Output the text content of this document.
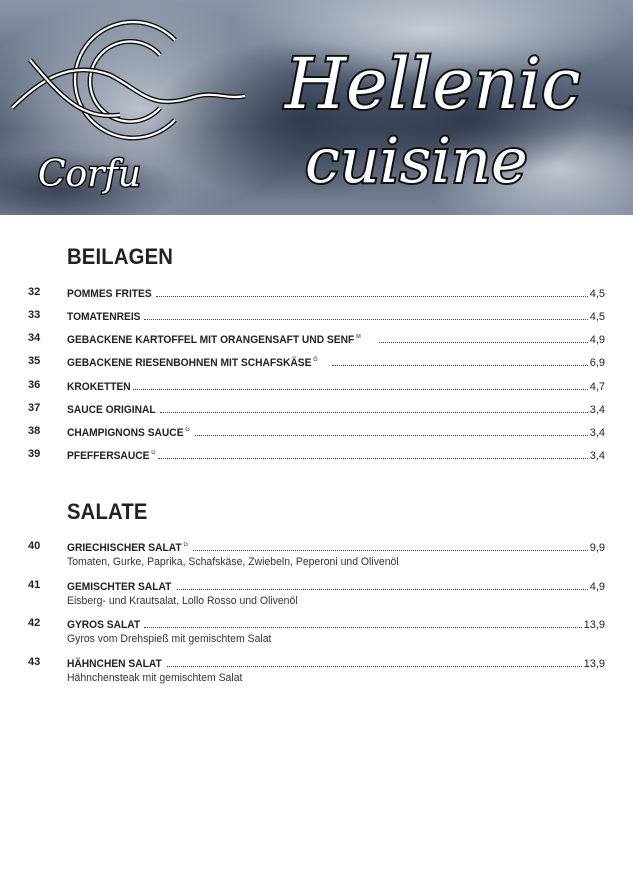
Corfu
Hellenic
cuisine
BEILAGEN
32 POMMES FRITES	4,5
33 TOMATENREIS	4,5
34 GEBACKENE KARTOFFEL MIT ORANGENSAFT UND SENF $^M$	4,9
35 GEBACKENE RIESENBOHNEN MIT SCHAFSKÄSE $^G$	6,9
36 KROKETTEN	4,7
37 SAUCE ORIGINAL	3,4
38 CHAMPIGNONS SAUCE $^G$	3,4
39 PFEFFERSAUCE $^G$	3,4
SALATE
40 GRIECHISCHER SALAT $^G$	9,9
Tomaten, Gurke, Paprika, Schafskäse, Zwiebeln, Peperoni und Olivenöl
41 GEMISCHTER SALAT	4,9
Eisberg- und Krautsalat, Lollo Rosso und Olivenöl
42 GYROS SALAT	13,9
Gyros vom Drehspieß mit gemischtem Salat
43 HÄHNCHEN SALAT	13,9
Hähnchensteak mit gemischtem Salat
